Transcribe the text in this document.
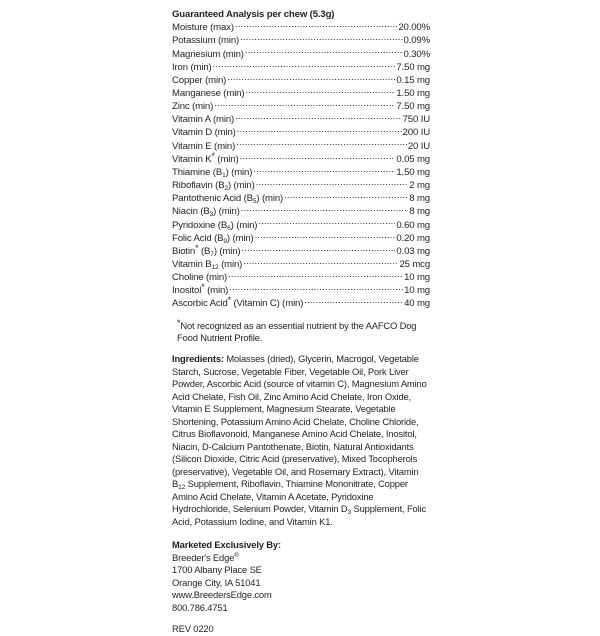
Guaranteed Analysis per chew (5.3g)
Moisture (max) .....	20.00%
Potassium (min) .....	0.09%
Magnesium (min) .....	0.30%
Iron (min) .....	7.50 mg
Copper (min) .....	0.15 mg
Manganese (min) .....	1.50 mg
Zinc (min) .....	7.50 mg
Vitamin A (min) .....	750 IU
Vitamin D (min) .....	200 IU
Vitamin E (min) .....	20 IU
Vitamin K* (min) .....	0.05 mg
Thiamine $(B_1)$ (min) .....	1.50 mg
Riboflavin $(B_2)$ (min) .....	2 mg
Pantothenic Acid $(B_5)$ (min) .....	8 mg
Niacin $(B_3)$ (min) .....	8 mg
Pyridoxine $(B_6)$ (min) .....	0.60 mg
Folic Acid $(B_9)$ (min) .....	0.20 mg
Biotin* $(B_7)$ (min) .....	0.03 mg
Vitamin $B_{12}$ (min) .....	25 mcg
Choline (min) .....	10 mg
Inositol* (min) .....	10 mg
Ascorbic Acid* (Vitamin C) (min) .....	40 mg
*Not recognized as an essential nutrient by the AAFCO Dog Food Nutrient Profile.
Ingredients: Molasses (dried), Glycerin, Macrogol, Vegetable Starch, Sucrose, Vegetable Fiber, Vegetable Oil, Pork Liver Powder, Ascorbic Acid (source of vitamin C), Magnesium Amino Acid Chelate, Fish Oil, Zinc Amino Acid Chelate, Iron Oxide, Vitamin E Supplement, Magnesium Stearate, Vegetable Shortening, Potassium Amino Acid Chelate, Choline Chloride, Citrus Bioflavonoid, Manganese Amino Acid Chelate, Inositol, Niacin, D-Calcium Pantothenate, Biotin, Natural Antioxidants (Silicon Dioxide, Citric Acid (preservative), Mixed Tocopherols (preservative), Vegetable Oil, and Rosemary Extract), Vitamin $B_{12}$ Supplement, Riboflavin, Thiamine Mononitrate, Copper Amino Acid Chelate, Vitamin A Acetate, Pyridoxine Hydrochloride, Selenium Powder, Vitamin $D_3$ Supplement, Folic Acid, Potassium Iodine, and Vitamin K1.
Marketed Exclusively By:
Breeder's Edge®
1700 Albany Place SE
Orange City, IA 51041
www.BreedersEdge.com
800.786.4751
REV 0220
